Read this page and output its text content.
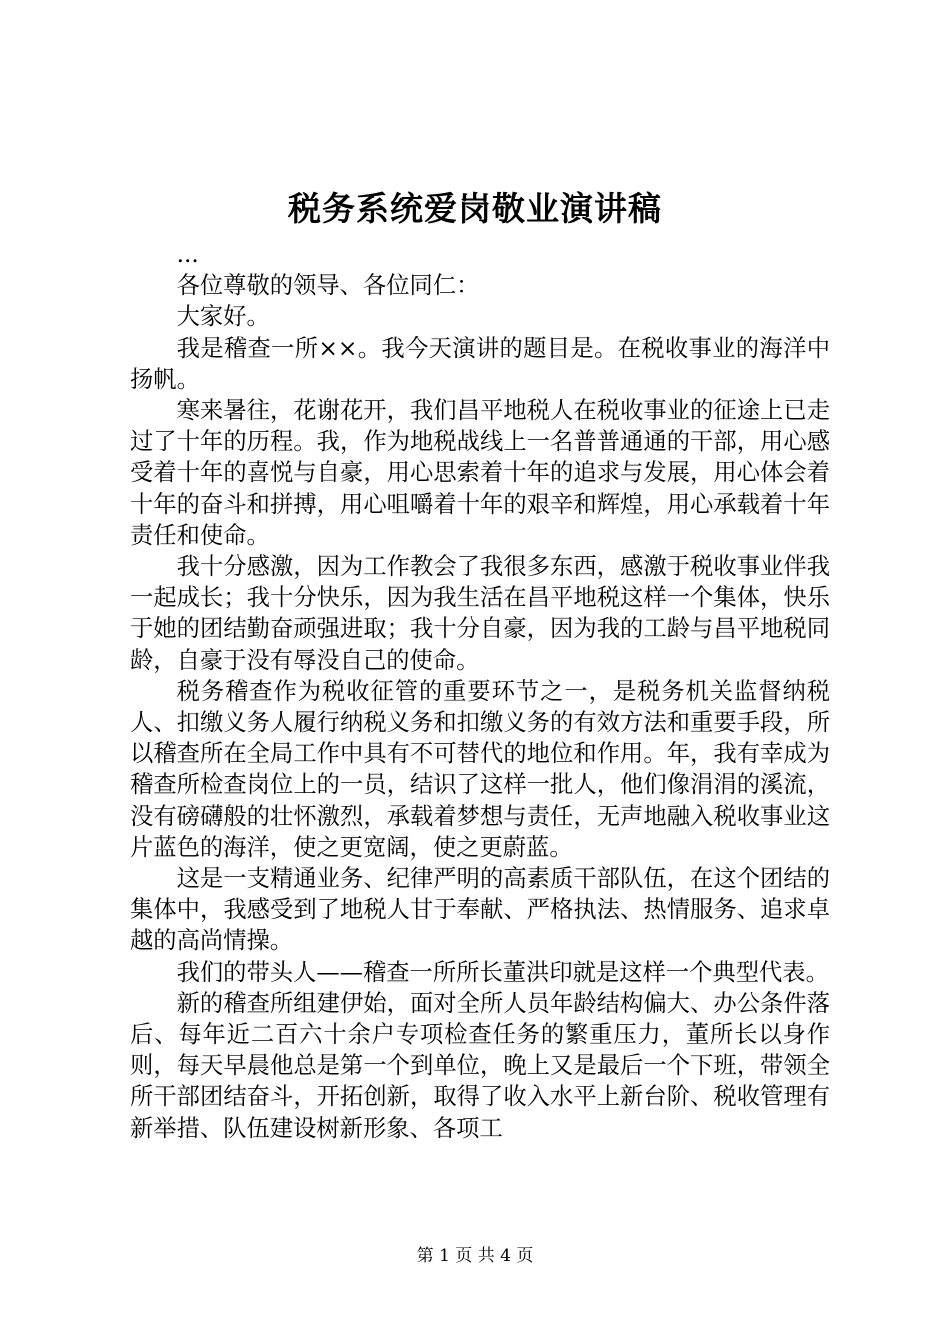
税务系统爱岗敬业演讲稿

...

各位尊敬的领导、各位同仁：

大家好。

我是稽查一所××。我今天演讲的题目是。在税收事业的海洋中扬帆。

寒来暑往，花谢花开，我们昌平地税人在税收事业的征途上已走过了十年的历程。我，作为地税战线上一名普普通通的干部，用心感受着十年的喜悦与自豪，用心思索着十年的追求与发展，用心体会着十年的奋斗和拼搏，用心咀嚼着十年的艰辛和辉煌，用心承载着十年责任和使命。

我十分感激，因为工作教会了我很多东西，感激于税收事业伴我一起成长；我十分快乐，因为我生活在昌平地税这样一个集体，快乐于她的团结勤奋顽强进取；我十分自豪，因为我的工龄与昌平地税同龄，自豪于没有辱没自己的使命。

税务稽查作为税收征管的重要环节之一，是税务机关监督纳税人、扣缴义务人履行纳税义务和扣缴义务的有效方法和重要手段，所以稽查所在全局工作中具有不可替代的地位和作用。年，我有幸成为稽查所检查岗位上的一员，结识了这样一批人，他们像涓涓的溪流，没有磅礴般的壮怀激烈，承载着梦想与责任，无声地融入税收事业这片蓝色的海洋，使之更宽阔，使之更蔚蓝。

这是一支精通业务、纪律严明的高素质干部队伍，在这个团结的集体中，我感受到了地税人甘于奉献、严格执法、热情服务、追求卓越的高尚情操。

我们的带头人——稽查一所所长董洪印就是这样一个典型代表。

新的稽查所组建伊始，面对全所人员年龄结构偏大、办公条件落后、每年近二百六十余户专项检查任务的繁重压力，董所长以身作则，每天早晨他总是第一个到单位，晚上又是最后一个下班，带领全所干部团结奋斗，开拓创新，取得了收入水平上新台阶、税收管理有新举措、队伍建设树新形象、各项工

第 1 页 共 4 页
